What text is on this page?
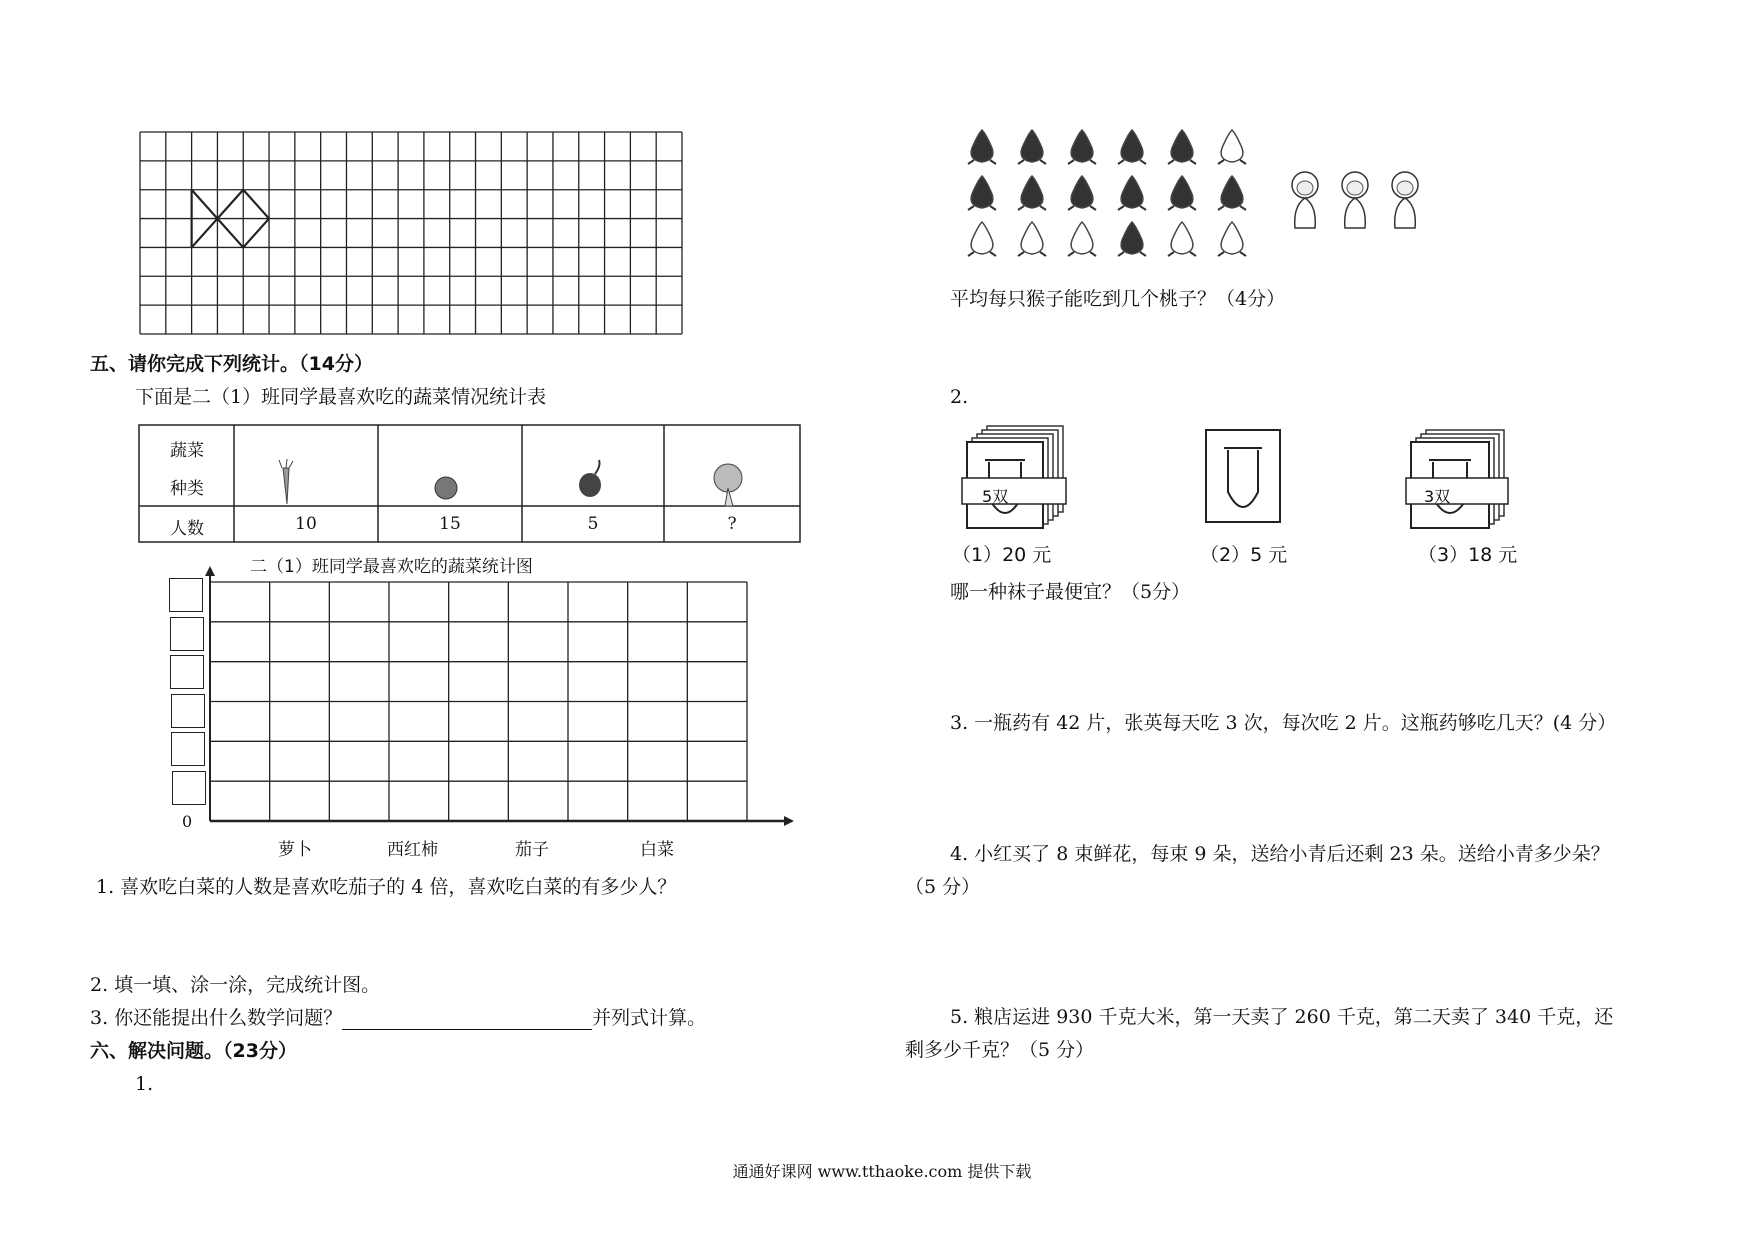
五、请你完成下列统计。（14分）
下面是二（1）班同学最喜欢吃的蔬菜情况统计表
蔬菜
种类
人数	10	15	5	?
二（1）班同学最喜欢吃的蔬菜统计图
0
萝卜	西红柿	茄子	白菜
1. 喜欢吃白菜的人数是喜欢吃茄子的 4 倍，喜欢吃白菜的有多少人？
2. 填一填、涂一涂，完成统计图。
3. 你还能提出什么数学问题？	并列式计算。
六、解决问题。（23分）
1.
平均每只猴子能吃到几个桃子？（4分）
2.
（1）20 元	（2）5 元	（3）18 元
5双	3双
哪一种袜子最便宜？（5分）
3. 一瓶药有 42 片，张英每天吃 3 次，每次吃 2 片。这瓶药够吃几天？(4 分）
4. 小红买了 8 束鲜花，每束 9 朵，送给小青后还剩 23 朵。送给小青多少朵？
（5 分）
5. 粮店运进 930 千克大米，第一天卖了 260 千克，第二天卖了 340 千克，还
剩多少千克？（5 分）
通通好课网 www.tthaoke.com 提供下载
